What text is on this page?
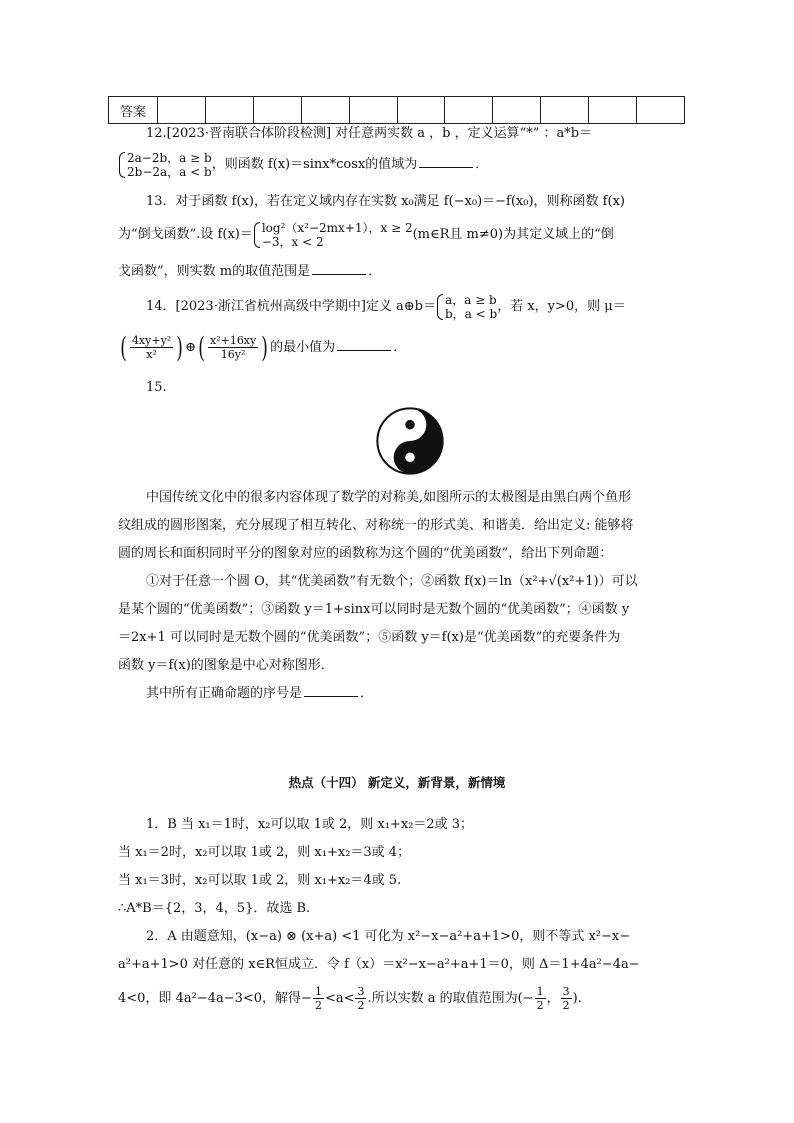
答案											
12.[2023·晋南联合体阶段检测] 对任意两实数 a ，b ，定义运算“*” ：a*b＝
2a−2b，a ≥ b
2b−2a，a < b ，则函数 f(x)＝sinx*cosx的值域为	．
13．对于函数 f(x)，若在定义域内存在实数 x₀满足 f(−x₀)＝−f(x₀)，则称函数 f(x)
为“倒戈函数”.设 f(x)＝ log²（x²−2mx+1），x ≥ 2
−3，x < 2	(m∈R且 m≠0)为其定义域上的“倒
戈函数”，则实数 m的取值范围是	．
14．[2023·浙江省杭州高级中学期中]定义 a⊕b＝ a，a ≥ b
b，a < b ，若 x，y>0，则 μ＝
( $\frac{\text{4xy+y²}}{\text{x²}}$ ) ⊕( $\frac{\text{x²+16xy}}{\text{16y²}}$ ) 的最小值为	．
15.
中国传统文化中的很多内容体现了数学的对称美,如图所示的太极图是由黑白两个鱼形
纹组成的圆形图案，充分展现了相互转化、对称统一的形式美、和谐美．给出定义: 能够将
圆的周长和面积同时平分的图象对应的函数称为这个圆的“优美函数”，给出下列命题：
①对于任意一个圆 O，其“优美函数”有无数个；②函数 f(x)＝ln（x²+√(x²+1)）可以
是某个圆的“优美函数”；③函数 y＝1+sinx可以同时是无数个圆的“优美函数”；④函数 y
＝2x+1 可以同时是无数个圆的“优美函数”；⑤函数 y＝f(x)是“优美函数”的充要条件为
函数 y＝f(x)的图象是中心对称图形．
其中所有正确命题的序号是	．
热点（十四） 新定义，新背景，新情境
1．B 当 x₁＝1时，x₂可以取 1或 2，则 x₁+x₂＝2或 3；
当 x₁＝2时，x₂可以取 1或 2，则 x₁+x₂＝3或 4；
当 x₁＝3时，x₂可以取 1或 2，则 x₁+x₂＝4或 5.
∴A*B＝{2，3，4，5}．故选 B.
2．A 由题意知，(x−a) ⊗ (x+a) <1 可化为 x²−x−a²+a+1>0，则不等式 x²−x−
a²+a+1>0 对任意的 x∈R恒成立．令 f（x）＝x²−x−a²+a+1＝0，则 Δ＝1+4a²−4a−
4<0，即 4a²−4a−3<0，解得− $\frac{1}{2} <a< \frac{3}{2}$ .所以实数 a 的取值范围为(− $\frac{1}{2}$ ， $\frac{3}{2}$ ).
